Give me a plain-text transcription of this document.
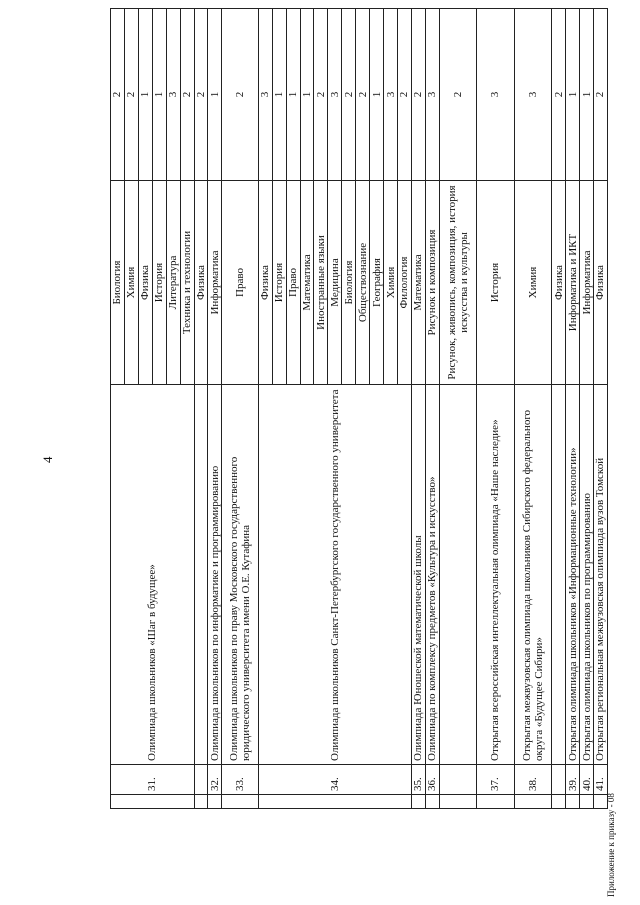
4
	31.	Олимпиада школьников «Шаг в будущее»	Биология	2
			Химия	2
			Физика	1
			История	1
			Литература	3
			Техника и технологии	2
			Физика	2
	32.	Олимпиада школьников по информатике и программированию	Информатика	1
	33.	Олимпиада школьников по праву Московского государственного юридического университета имени О.Е. Кутафина	Право	2
	34.	Олимпиада школьников Санкт-Петербургского государственного университета	Физика	3
			История	1
			Право	1
			Математика	1
			Иностранные языки	2
			Медицина	3
			Биология	2
			Обществознание	2
			География	1
			Химия	3
			Филология	2
	35.	Олимпиада Юношеской математической школы	Математика	2
	36.	Олимпиада по комплексу предметов «Культура и искусство»	Рисунок и композиция	3
			Рисунок, живопись, композиция, история искусства и культуры	2
	37.	Открытая всероссийская интеллектуальная олимпиада «Наше наследие»	История	3
	38.	Открытая межвузовская олимпиада школьников Сибирского федерального округа «Будущее Сибири»	Химия	3
			Физика	2
	39.	Открытая олимпиада школьников «Информационные технологии»	Информатика и ИКТ	1
	40.	Открытая олимпиада школьников по программированию	Информатика	1
	41.	Открытая региональная межвузовская олимпиада вузов Томской	Физика	2
Приложение к приказу - 08
